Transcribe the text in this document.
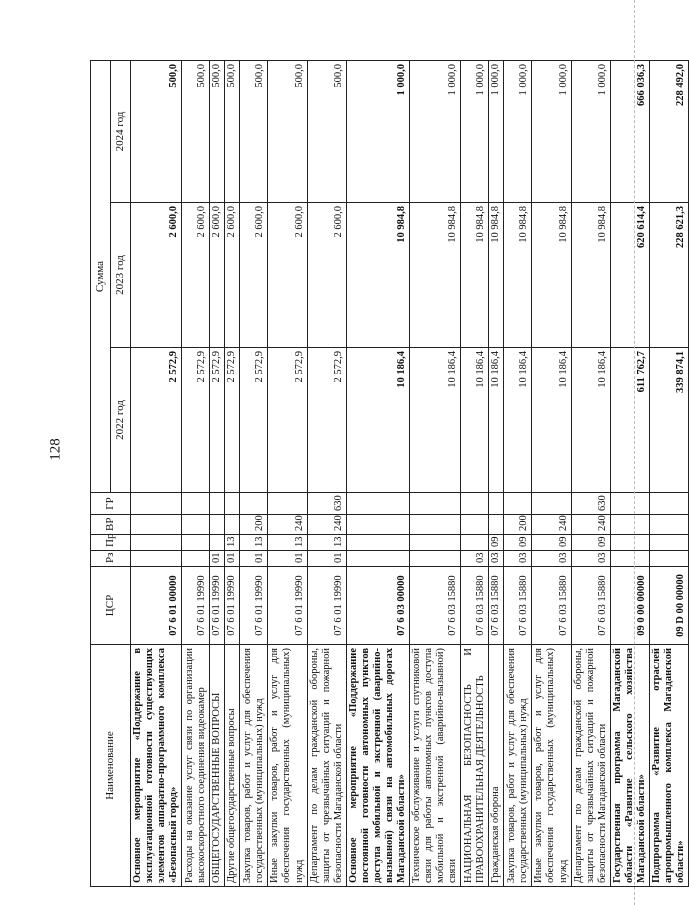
128
Наименование	ЦСР	Рз	Пр	ВР	ГР	Сумма		
						2022 год	2023 год	2024 год
Основное мероприятие «Поддержание в эксплуатационной готовности существующих элементов аппаратно-программного комплекса «Безопасный город»	07 6 01 00000					2 572,9	2 600,0	500,0
Расходы на оказание услуг связи по организации высокоскоростного соединения видеокамер	07 6 01 19990					2 572,9	2 600,0	500,0
ОБЩЕГОСУДАРСТВЕННЫЕ ВОПРОСЫ	07 6 01 19990	01				2 572,9	2 600,0	500,0
Другие общегосударственные вопросы	07 6 01 19990	01	13			2 572,9	2 600,0	500,0
Закупка товаров, работ и услуг для обеспечения государственных (муниципальных) нужд	07 6 01 19990	01	13	200		2 572,9	2 600,0	500,0
Иные закупки товаров, работ и услуг для обеспечения государственных (муниципальных) нужд	07 6 01 19990	01	13	240		2 572,9	2 600,0	500,0
Департамент по делам гражданской обороны, защиты от чрезвычайных ситуаций и пожарной безопасности Магаданской области	07 6 01 19990	01	13	240	630	2 572,9	2 600,0	500,0
Основное мероприятие «Поддержание постоянной готовности автономных пунктов доступа мобильной и экстренной (аварийно-вызывной) связи на автомобильных дорогах Магаданской области»	07 6 03 00000					10 186,4	10 984,8	1 000,0
Техническое обслуживание и услуги спутниковой связи для работы автономных пунктов доступа мобильной и экстренной (аварийно-вызывной) связи	07 6 03 15880					10 186,4	10 984,8	1 000,0
НАЦИОНАЛЬНАЯ БЕЗОПАСНОСТЬ И ПРАВООХРАНИТЕЛЬНАЯ ДЕЯТЕЛЬНОСТЬ	07 6 03 15880	03				10 186,4	10 984,8	1 000,0
Гражданская оборона	07 6 03 15880	03	09			10 186,4	10 984,8	1 000,0
Закупка товаров, работ и услуг для обеспечения государственных (муниципальных) нужд	07 6 03 15880	03	09	200		10 186,4	10 984,8	1 000,0
Иные закупки товаров, работ и услуг для обеспечения государственных (муниципальных) нужд	07 6 03 15880	03	09	240		10 186,4	10 984,8	1 000,0
Департамент по делам гражданской обороны, защиты от чрезвычайных ситуаций и пожарной безопасности Магаданской области	07 6 03 15880	03	09	240	630	10 186,4	10 984,8	1 000,0
Государственная программа Магаданской области «Развитие сельского хозяйства Магаданской области»	09 0 00 00000					611 762,7	620 614,4	666 036,3
Подпрограмма «Развитие отраслей агропромышленного комплекса Магаданской области»	09 D 00 00000					339 874,1	228 621,3	228 492,0
